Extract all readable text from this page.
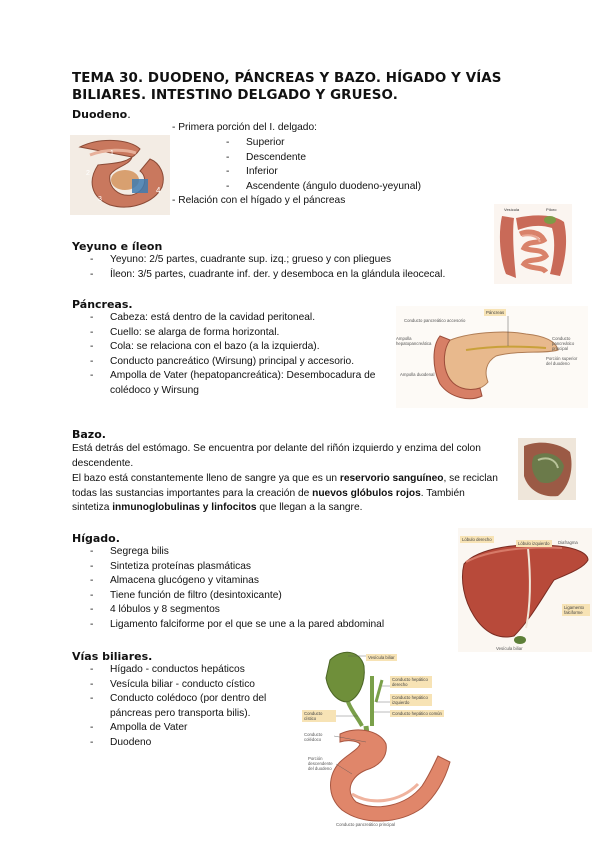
TEMA 30. DUODENO, PÁNCREAS Y BAZO. HÍGADO Y VÍAS BILIARES. INTESTINO DELGADO Y GRUESO.
Duodeno.
- Primera porción del I. delgado:
- Superior
- Descendente
- Inferior
- Ascendente (ángulo duodeno-yeyunal)
- Relación con el hígado y el páncreas
4
3
2
1
Yeyuno e íleon
- Yeyuno: 2/5 partes, cuadrante sup. izq.; grueso y con pliegues
- Íleon: 3/5 partes, cuadrante inf. der. y desemboca en la glándula ileocecal.
Vesícula	Píloro
Páncreas.
- Cabeza: está dentro de la cavidad peritoneal.
- Cuello: se alarga de forma horizontal.
- Cola: se relaciona con el bazo (a la izquierda).
- Conducto pancreático (Wirsung) principal y accesorio.
- Ampolla de Vater (hepatopancreática): Desembocadura de colédoco y Wirsung
Conducto pancreático accesorio
Ampolla hepatopancreática
Páncreas
Ampolla duodenal
Conducto pancreático principal
Porción superior del duodeno
Bazo.
Está detrás del estómago. Se encuentra por delante del riñón izquierdo y enzima del colon descendente.
El bazo está constantemente lleno de sangre ya que es un reservorio sanguíneo, se reciclan todas las sustancias importantes para la creación de nuevos glóbulos rojos. También sintetiza inmunoglobulinas y linfocitos que llegan a la sangre.
Hígado.
- Segrega bilis
- Sintetiza proteínas plasmáticas
- Almacena glucógeno y vitaminas
- Tiene función de filtro (desintoxicante)
- 4 lóbulos y 8 segmentos
- Ligamento falciforme por el que se une a la pared abdominal
Lóbulo derecho
Lóbulo izquierdo	Diafragma
Ligamento falciforme
Vesícula biliar
Vías biliares.
- Hígado - conductos hepáticos
- Vesícula biliar - conducto cístico
- Conducto colédoco (por dentro del páncreas pero transporta bilis).
- Ampolla de Vater
- Duodeno
Vesícula biliar
Conducto hepático derecho
Conducto hepático izquierdo
Conducto hepático común
Conducto cístico
Conducto colédoco
Porción descendente del duodeno
Conducto pancreático principal
